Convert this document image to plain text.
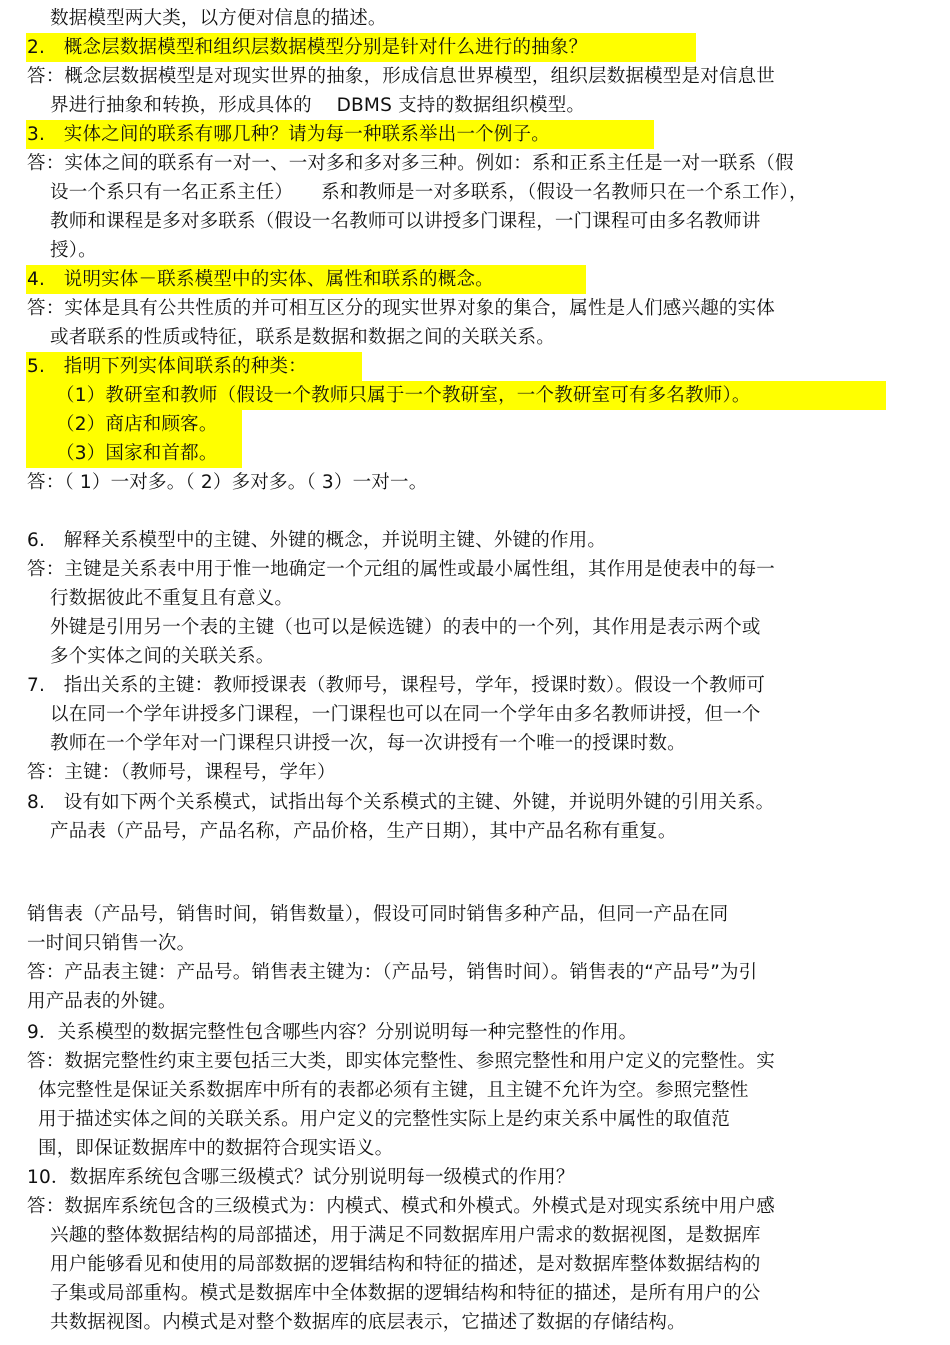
数据模型两大类，以方便对信息的描述。
2.　概念层数据模型和组织层数据模型分别是针对什么进行的抽象？
答：概念层数据模型是对现实世界的抽象，形成信息世界模型，组织层数据模型是对信息世
界进行抽象和转换，形成具体的　 DBMS 支持的数据组织模型。
3.　实体之间的联系有哪几种？请为每一种联系举出一个例子。
答：实体之间的联系有一对一、一对多和多对多三种。例如：系和正系主任是一对一联系（假
设一个系只有一名正系主任）　　系和教师是一对多联系，（假设一名教师只在一个系工作），
教师和课程是多对多联系（假设一名教师可以讲授多门课程，一门课程可由多名教师讲
授）。
4.　说明实体－联系模型中的实体、属性和联系的概念。
答：实体是具有公共性质的并可相互区分的现实世界对象的集合，属性是人们感兴趣的实体
或者联系的性质或特征，联系是数据和数据之间的关联关系。
5.　指明下列实体间联系的种类：
（1）教研室和教师（假设一个教师只属于一个教研室，一个教研室可有多名教师）。
（2）商店和顾客。
（3）国家和首都。
答：（ 1）一对多。（ 2）多对多。（ 3）一对一。
6.　解释关系模型中的主键、外键的概念，并说明主键、外键的作用。
答：主键是关系表中用于惟一地确定一个元组的属性或最小属性组，其作用是使表中的每一
行数据彼此不重复且有意义。
外键是引用另一个表的主键（也可以是候选键）的表中的一个列，其作用是表示两个或
多个实体之间的关联关系。
7.　指出关系的主键：教师授课表（教师号，课程号，学年，授课时数）。假设一个教师可
以在同一个学年讲授多门课程，一门课程也可以在同一个学年由多名教师讲授，但一个
教师在一个学年对一门课程只讲授一次，每一次讲授有一个唯一的授课时数。
答：主键：（教师号，课程号，学年）
8.　设有如下两个关系模式，试指出每个关系模式的主键、外键，并说明外键的引用关系。
产品表（产品号，产品名称，产品价格，生产日期），其中产品名称有重复。
销售表（产品号，销售时间，销售数量），假设可同时销售多种产品，但同一产品在同
一时间只销售一次。
答：产品表主键：产品号。销售表主键为：（产品号，销售时间）。销售表的“产品号”为引
用产品表的外键。
9．关系模型的数据完整性包含哪些内容？分别说明每一种完整性的作用。
答：数据完整性约束主要包括三大类，即实体完整性、参照完整性和用户定义的完整性。实
体完整性是保证关系数据库中所有的表都必须有主键，且主键不允许为空。参照完整性
用于描述实体之间的关联关系。用户定义的完整性实际上是约束关系中属性的取值范
围，即保证数据库中的数据符合现实语义。
10．数据库系统包含哪三级模式？试分别说明每一级模式的作用？
答：数据库系统包含的三级模式为：内模式、模式和外模式。外模式是对现实系统中用户感
兴趣的整体数据结构的局部描述，用于满足不同数据库用户需求的数据视图，是数据库
用户能够看见和使用的局部数据的逻辑结构和特征的描述，是对数据库整体数据结构的
子集或局部重构。模式是数据库中全体数据的逻辑结构和特征的描述，是所有用户的公
共数据视图。内模式是对整个数据库的底层表示，它描述了数据的存储结构。
